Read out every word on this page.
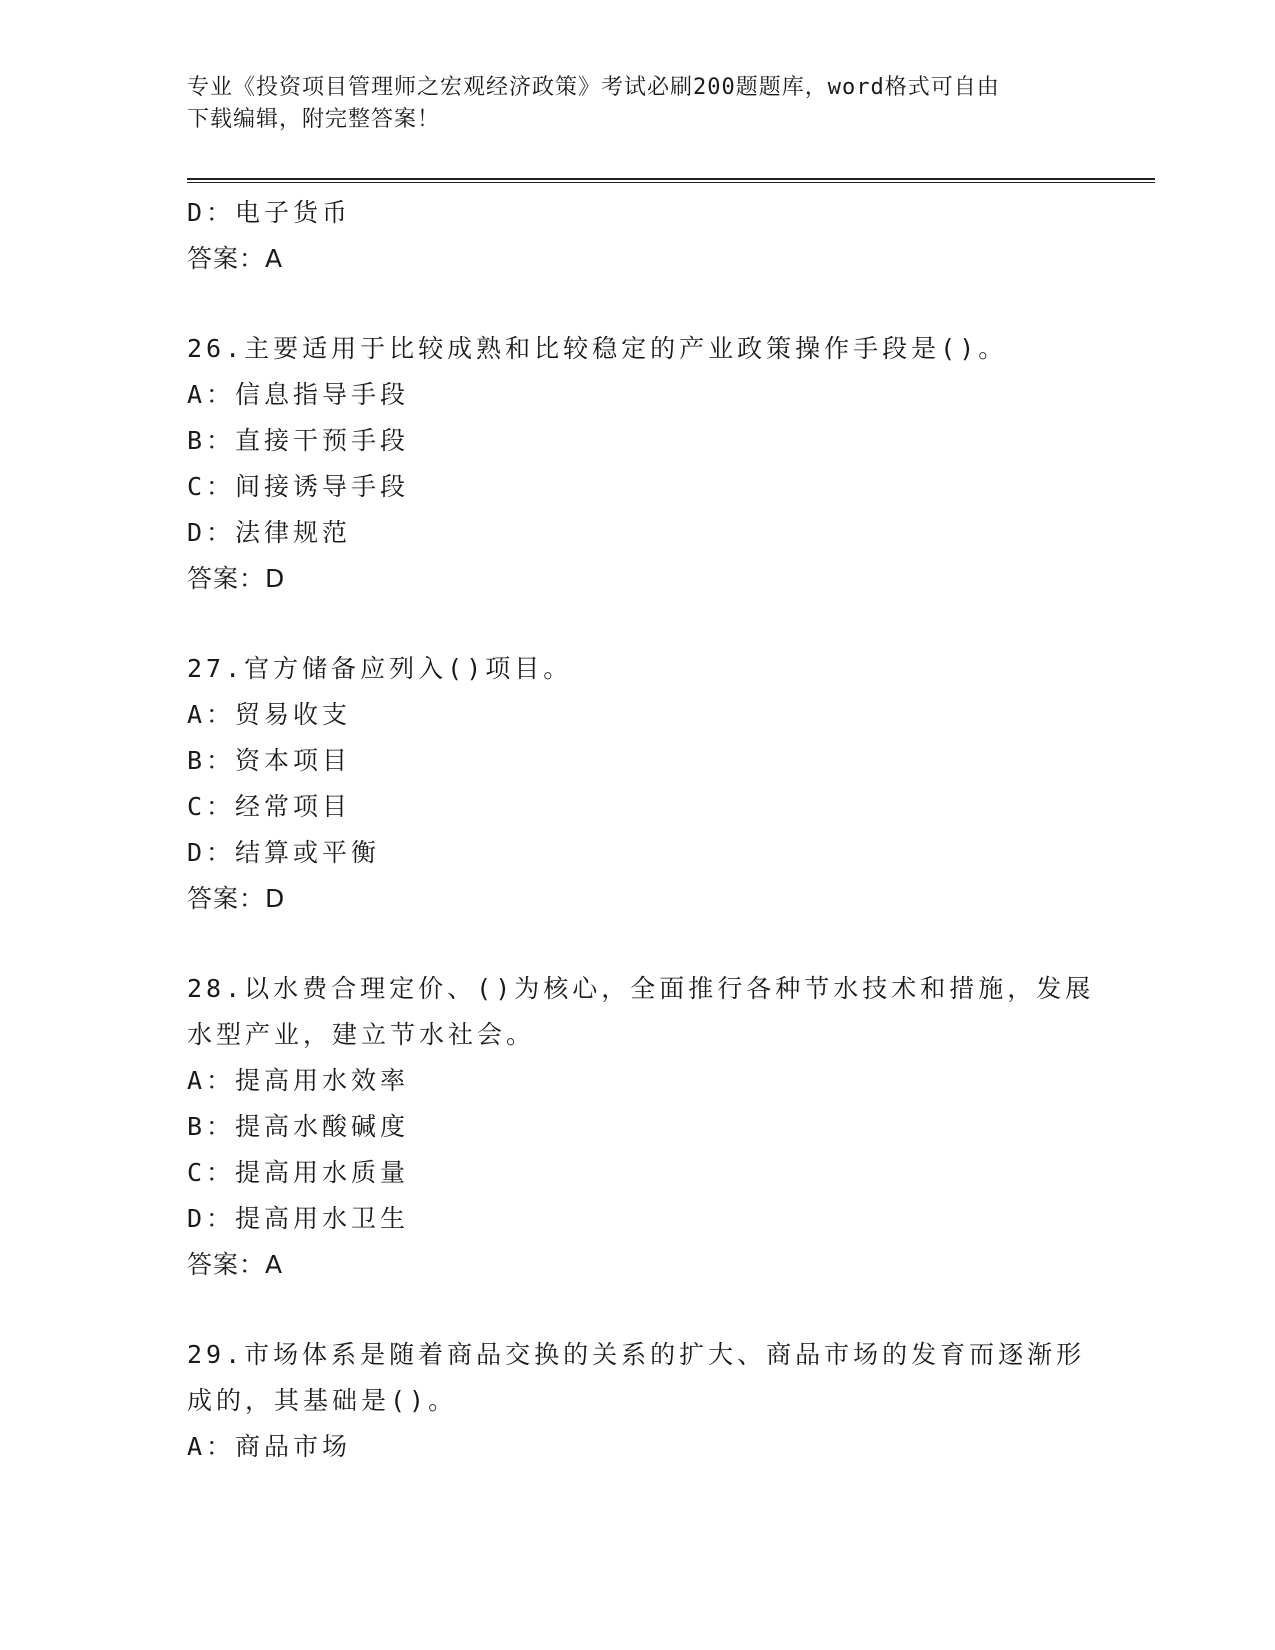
专业《投资项目管理师之宏观经济政策》考试必刷200题题库，word格式可自由
下载编辑，附完整答案！
D：电子货币
答案：A
26.主要适用于比较成熟和比较稳定的产业政策操作手段是()。
A：信息指导手段
B：直接干预手段
C：间接诱导手段
D：法律规范
答案：D
27.官方储备应列入()项目。
A：贸易收支
B：资本项目
C：经常项目
D：结算或平衡
答案：D
28.以水费合理定价、()为核心，全面推行各种节水技术和措施，发展
水型产业，建立节水社会。
A：提高用水效率
B：提高水酸碱度
C：提高用水质量
D：提高用水卫生
答案：A
29.市场体系是随着商品交换的关系的扩大、商品市场的发育而逐渐形
成的，其基础是()。
A：商品市场
